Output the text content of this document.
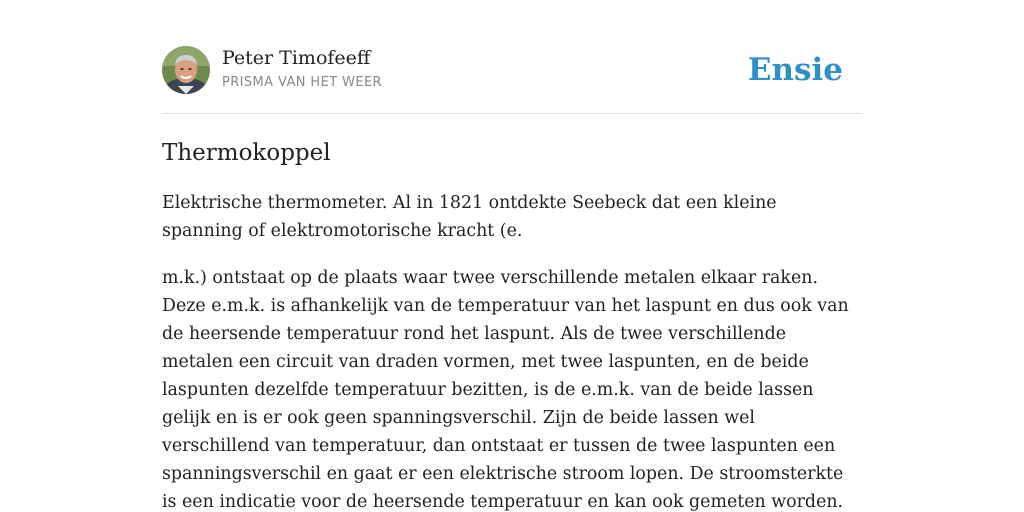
Peter Timofeeff
PRISMA VAN HET WEER	Ensie
Thermokoppel

Elektrische thermometer. Al in 1821 ontdekte Seebeck dat een kleine spanning of elektromotorische kracht (e.

m.k.) ontstaat op de plaats waar twee verschillende metalen elkaar raken. Deze e.m.k. is afhankelijk van de temperatuur van het laspunt en dus ook van de heersende temperatuur rond het laspunt. Als de twee verschillende metalen een circuit van draden vormen, met twee laspunten, en de beide laspunten dezelfde temperatuur bezitten, is de e.m.k. van de beide lassen gelijk en is er ook geen spanningsverschil. Zijn de beide lassen wel verschillend van temperatuur, dan ontstaat er tussen de twee laspunten een spanningsverschil en gaat er een elektrische stroom lopen. De stroomsterkte is een indicatie voor de heersende temperatuur en kan ook gemeten worden.
